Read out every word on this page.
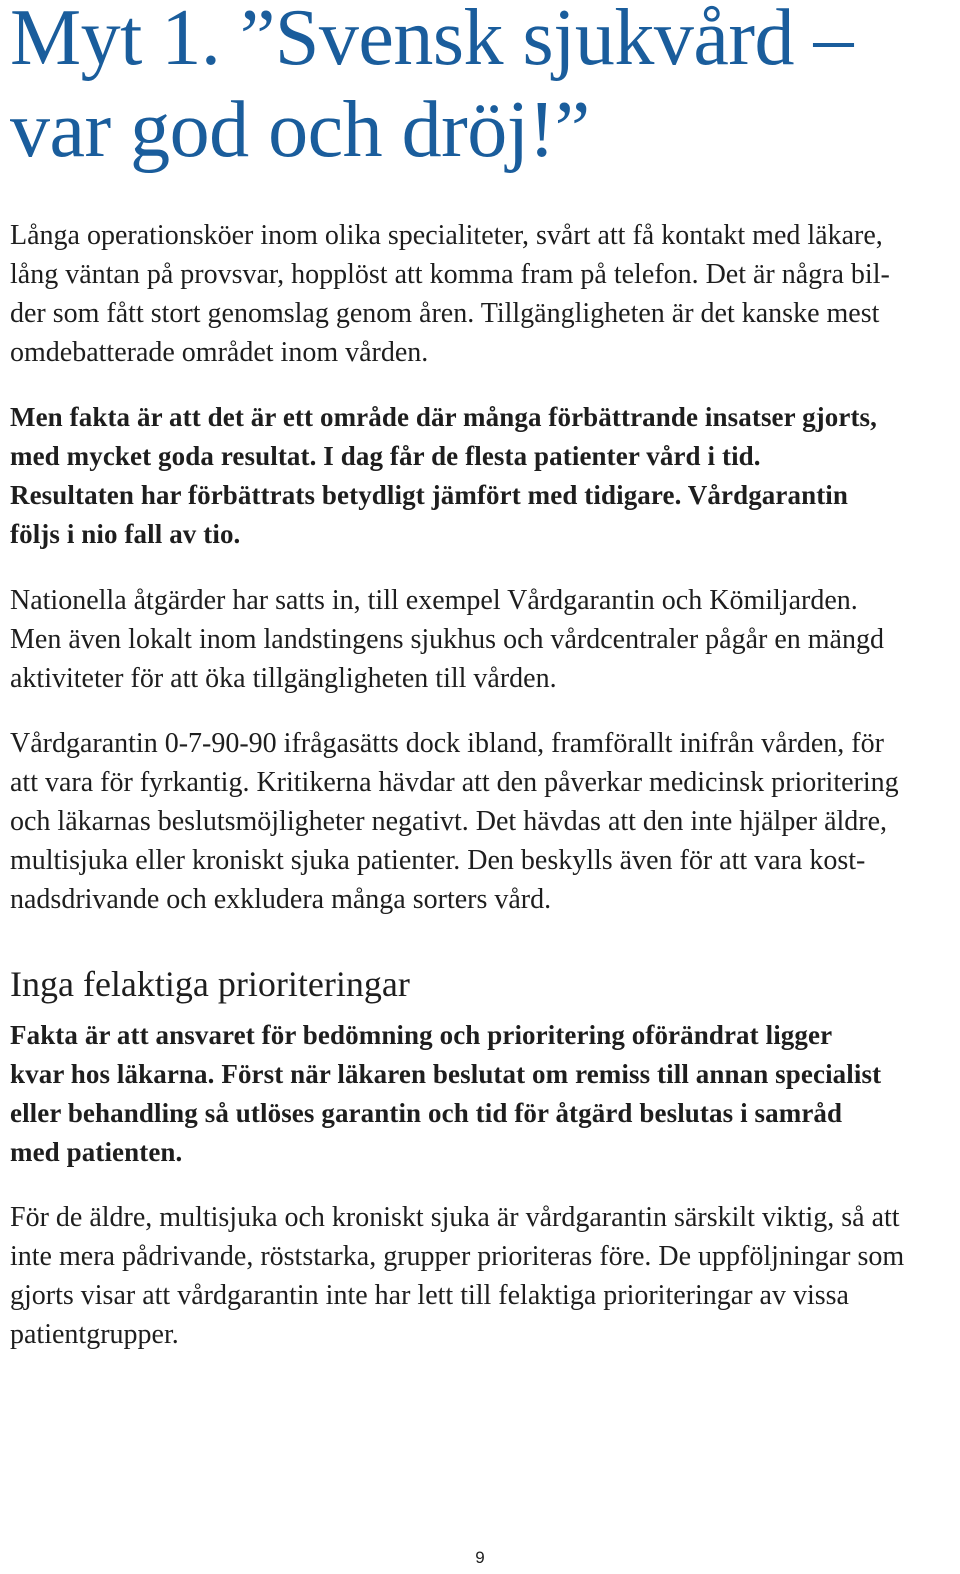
Myt 1. ”Svensk sjukvård –
var god och dröj!”

Långa operationsköer inom olika specialiteter, svårt att få kontakt med läkare,
lång väntan på provsvar, hopplöst att komma fram på telefon. Det är några bil-
der som fått stort genomslag genom åren. Tillgängligheten är det kanske mest
omdebatterade området inom vården.

Men fakta är att det är ett område där många förbättrande insatser gjorts,
med mycket goda resultat. I dag får de flesta patienter vård i tid.
Resultaten har förbättrats betydligt jämfört med tidigare. Vårdgarantin
följs i nio fall av tio.

Nationella åtgärder har satts in, till exempel Vårdgarantin och Kömiljarden.
Men även lokalt inom landstingens sjukhus och vårdcentraler pågår en mängd
aktiviteter för att öka tillgängligheten till vården.

Vårdgarantin 0-7-90-90 ifrågasätts dock ibland, framförallt inifrån vården, för
att vara för fyrkantig. Kritikerna hävdar att den påverkar medicinsk prioritering
och läkarnas beslutsmöjligheter negativt. Det hävdas att den inte hjälper äldre,
multisjuka eller kroniskt sjuka patienter. Den beskylls även för att vara kost-
nadsdrivande och exkludera många sorters vård.

Inga felaktiga prioriteringar

Fakta är att ansvaret för bedömning och prioritering oförändrat ligger
kvar hos läkarna. Först när läkaren beslutat om remiss till annan specialist
eller behandling så utlöses garantin och tid för åtgärd beslutas i samråd
med patienten.

För de äldre, multisjuka och kroniskt sjuka är vårdgarantin särskilt viktig, så att
inte mera pådrivande, röststarka, grupper prioriteras före. De uppföljningar som
gjorts visar att vårdgarantin inte har lett till felaktiga prioriteringar av vissa
patientgrupper.

9
